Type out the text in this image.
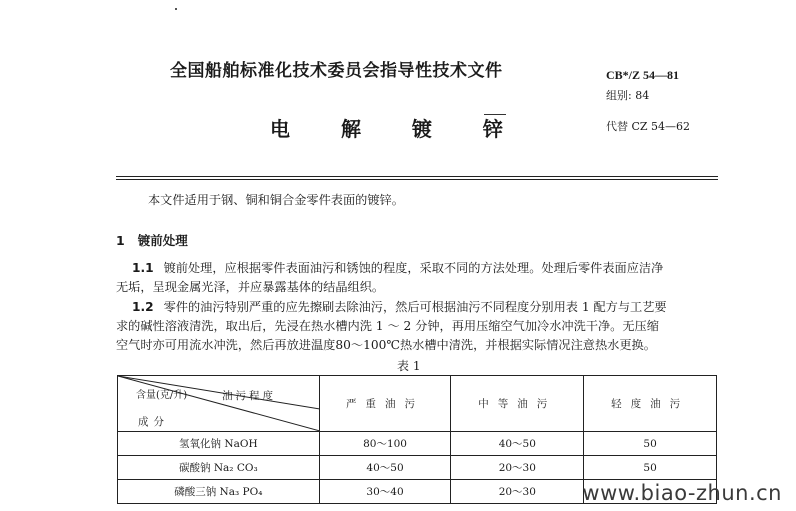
全国船舶标准化技术委员会指导性技术文件
电 解 镀 锌
CB*/Z 54—81
组别: 84
代替 CZ 54—62
本文件适用于钢、铜和铜合金零件表面的镀锌。
1 镀前处理
1.1 镀前处理，应根据零件表面油污和锈蚀的程度，采取不同的方法处理。处理后零件表面应洁净
无垢，呈现金属光泽，并应暴露基体的结晶组织。
1.2 零件的油污特别严重的应先擦刷去除油污，然后可根据油污不同程度分别用表 1 配方与工艺要
求的碱性溶液清洗，取出后，先浸在热水槽内洗 1 ～ 2 分钟，再用压缩空气加冷水冲洗干净。无压缩
空气时亦可用流水冲洗，然后再放进温度80～100℃热水槽中清洗，并根据实际情况注意热水更换。
表 1
含量(克/升) 油污程度
成分	严重油污	中等油污	轻度油污
氢氧化钠 NaOH	80～100	40～50	50
碳酸钠 Na₂ CO₃	40～50	20～30	50
磷酸三钠 Na₃ PO₄	30～40	20～30	www.biao-zhun.cn
